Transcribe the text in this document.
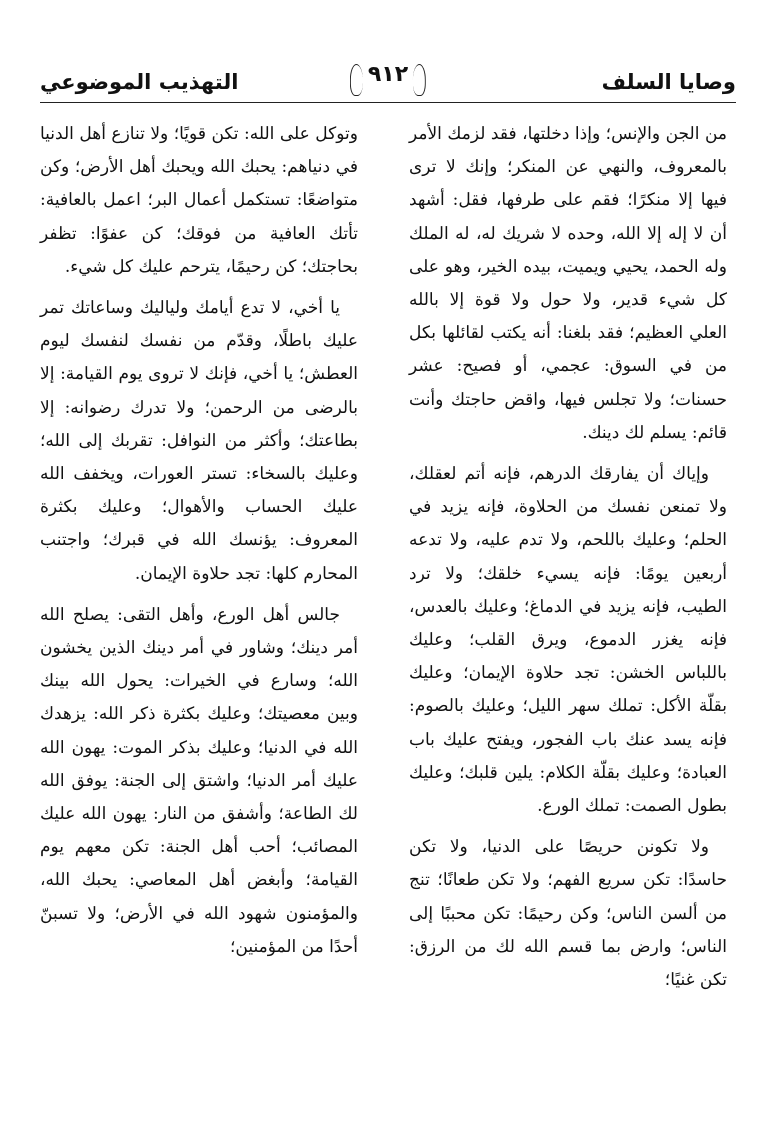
وصايا السلف
٩١٢
التهذيب الموضوعي

من الجن والإنس؛ وإذا دخلتها، فقد لزمك الأمر بالمعروف، والنهي عن المنكر؛ وإنك لا ترى فيها إلا منكرًا؛ فقم على طرفها، فقل: أشهد أن لا إله إلا الله، وحده لا شريك له، له الملك وله الحمد، يحيي ويميت، بيده الخير، وهو على كل شيء قدير، ولا حول ولا قوة إلا بالله العلي العظيم؛ فقد بلغنا: أنه يكتب لقائلها بكل من في السوق: عجمي، أو فصيح: عشر حسنات؛ ولا تجلس فيها، واقض حاجتك وأنت قائم: يسلم لك دينك.

وإياك أن يفارقك الدرهم، فإنه أتم لعقلك، ولا تمنعن نفسك من الحلاوة، فإنه يزيد في الحلم؛ وعليك باللحم، ولا تدم عليه، ولا تدعه أربعين يومًا: فإنه يسيء خلقك؛ ولا ترد الطيب، فإنه يزيد في الدماغ؛ وعليك بالعدس، فإنه يغزر الدموع، ويرق القلب؛ وعليك باللباس الخشن: تجد حلاوة الإيمان؛ وعليك بقلّة الأكل: تملك سهر الليل؛ وعليك بالصوم: فإنه يسد عنك باب الفجور، ويفتح عليك باب العبادة؛ وعليك بقلّة الكلام: يلين قلبك؛ وعليك بطول الصمت: تملك الورع.

ولا تكونن حريصًا على الدنيا، ولا تكن حاسدًا: تكن سريع الفهم؛ ولا تكن طعانًا؛ تنج من ألسن الناس؛ وكن رحيمًا: تكن محببًا إلى الناس؛ وارض بما قسم الله لك من الرزق: تكن غنيًا؛

وتوكل على الله: تكن قويًا؛ ولا تنازع أهل الدنيا في دنياهم: يحبك الله ويحبك أهل الأرض؛ وكن متواضعًا: تستكمل أعمال البر؛ اعمل بالعافية: تأتك العافية من فوقك؛ كن عفوًا: تظفر بحاجتك؛ كن رحيمًا، يترحم عليك كل شيء.

يا أخي، لا تدع أيامك ولياليك وساعاتك تمر عليك باطلًا، وقدّم من نفسك لنفسك ليوم العطش؛ يا أخي، فإنك لا تروى يوم القيامة: إلا بالرضى من الرحمن؛ ولا تدرك رضوانه: إلا بطاعتك؛ وأكثر من النوافل: تقربك إلى الله؛ وعليك بالسخاء: تستر العورات، ويخفف الله عليك الحساب والأهوال؛ وعليك بكثرة المعروف: يؤنسك الله في قبرك؛ واجتنب المحارم كلها: تجد حلاوة الإيمان.

جالس أهل الورع، وأهل التقى: يصلح الله أمر دينك؛ وشاور في أمر دينك الذين يخشون الله؛ وسارع في الخيرات: يحول الله بينك وبين معصيتك؛ وعليك بكثرة ذكر الله: يزهدك الله في الدنيا؛ وعليك بذكر الموت: يهون الله عليك أمر الدنيا؛ واشتق إلى الجنة: يوفق الله لك الطاعة؛ وأشفق من النار: يهون الله عليك المصائب؛ أحب أهل الجنة: تكن معهم يوم القيامة؛ وأبغض أهل المعاصي: يحبك الله، والمؤمنون شهود الله في الأرض؛ ولا تسبنّ أحدًا من المؤمنين؛
